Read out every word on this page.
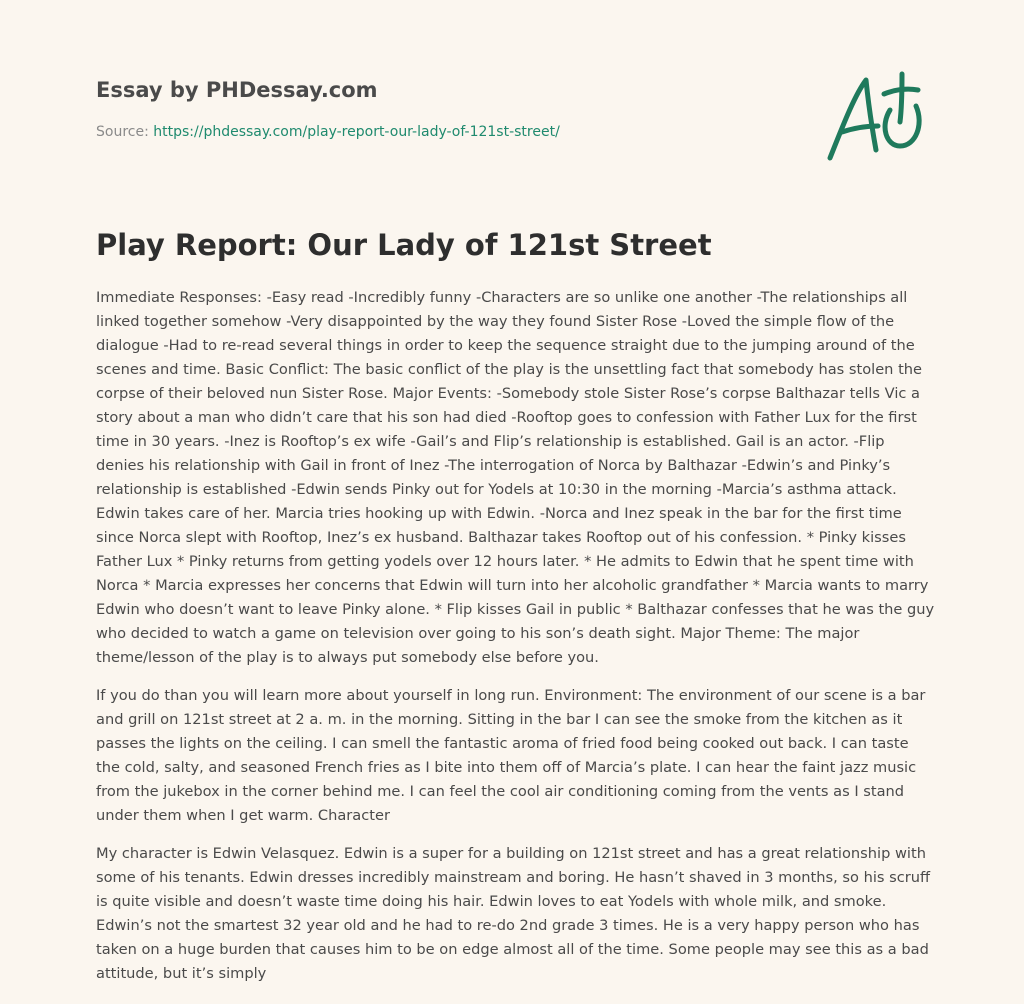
Essay by PHDessay.com
Source: https://phdessay.com/play-report-our-lady-of-121st-street/
Play Report: Our Lady of 121st Street

Immediate Responses: -Easy read -Incredibly funny -Characters are so unlike one another -The relationships all linked together somehow -Very disappointed by the way they found Sister Rose -Loved the simple flow of the dialogue -Had to re-read several things in order to keep the sequence straight due to the jumping around of the scenes and time. Basic Conflict: The basic conflict of the play is the unsettling fact that somebody has stolen the corpse of their beloved nun Sister Rose. Major Events: -Somebody stole Sister Rose’s corpse Balthazar tells Vic a story about a man who didn’t care that his son had died -Rooftop goes to confession with Father Lux for the first time in 30 years. -Inez is Rooftop’s ex wife -Gail’s and Flip’s relationship is established. Gail is an actor. -Flip denies his relationship with Gail in front of Inez -The interrogation of Norca by Balthazar -Edwin’s and Pinky’s relationship is established -Edwin sends Pinky out for Yodels at 10:30 in the morning -Marcia’s asthma attack. Edwin takes care of her. Marcia tries hooking up with Edwin. -Norca and Inez speak in the bar for the first time since Norca slept with Rooftop, Inez’s ex husband. Balthazar takes Rooftop out of his confession. * Pinky kisses Father Lux * Pinky returns from getting yodels over 12 hours later. * He admits to Edwin that he spent time with Norca * Marcia expresses her concerns that Edwin will turn into her alcoholic grandfather * Marcia wants to marry Edwin who doesn’t want to leave Pinky alone. * Flip kisses Gail in public * Balthazar confesses that he was the guy who decided to watch a game on television over going to his son’s death sight. Major Theme: The major theme/lesson of the play is to always put somebody else before you.

If you do than you will learn more about yourself in long run. Environment: The environment of our scene is a bar and grill on 121st street at 2 a. m. in the morning. Sitting in the bar I can see the smoke from the kitchen as it passes the lights on the ceiling. I can smell the fantastic aroma of fried food being cooked out back. I can taste the cold, salty, and seasoned French fries as I bite into them off of Marcia’s plate. I can hear the faint jazz music from the jukebox in the corner behind me. I can feel the cool air conditioning coming from the vents as I stand under them when I get warm. Character

My character is Edwin Velasquez. Edwin is a super for a building on 121st street and has a great relationship with some of his tenants. Edwin dresses incredibly mainstream and boring. He hasn’t shaved in 3 months, so his scruff is quite visible and doesn’t waste time doing his hair. Edwin loves to eat Yodels with whole milk, and smoke. Edwin’s not the smartest 32 year old and he had to re-do 2nd grade 3 times. He is a very happy person who has taken on a huge burden that causes him to be on edge almost all of the time. Some people may see this as a bad attitude, but it’s simply
